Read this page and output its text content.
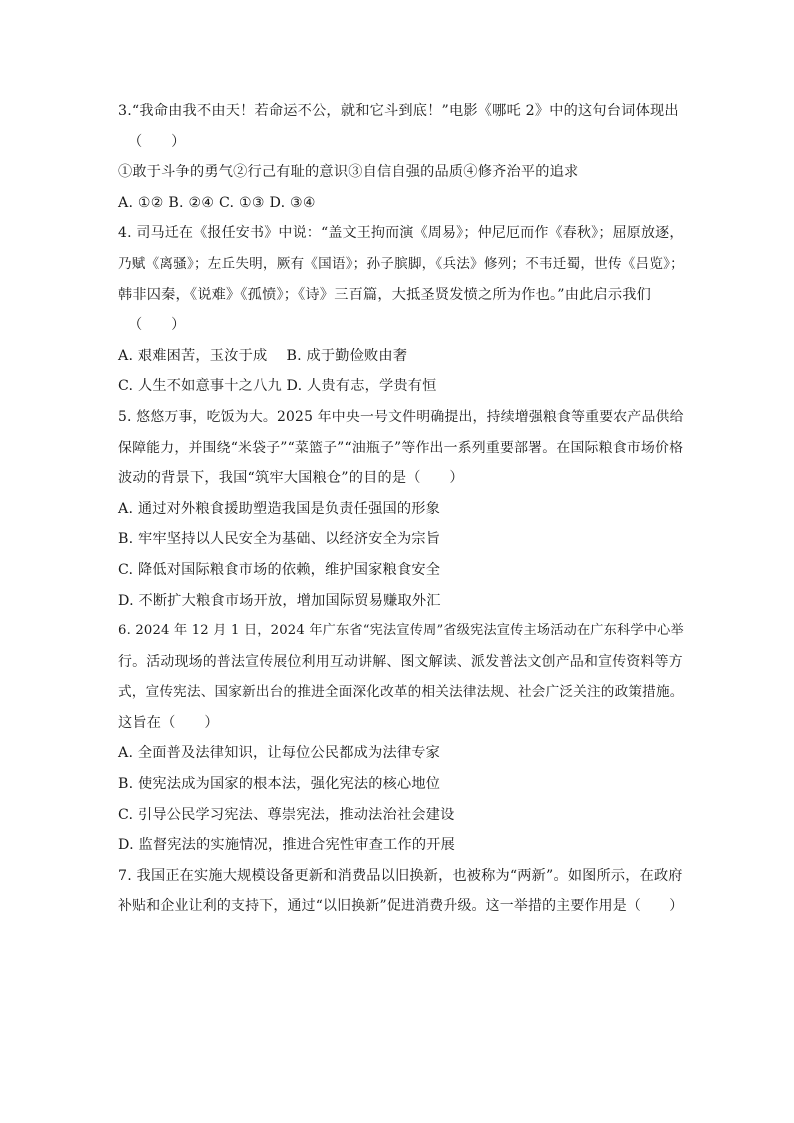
3.“我命由我不由天！若命运不公，就和它斗到底！”电影《哪吒 2》中的这句台词体现出
（　　）
①敢于斗争的勇气②行己有耻的意识③自信自强的品质④修齐治平的追求
A. ①② B. ②④ C. ①③ D. ③④
4. 司马迁在《报任安书》中说：“盖文王拘而演《周易》；仲尼厄而作《春秋》；屈原放逐，
乃赋《离骚》；左丘失明，厥有《国语》；孙子膑脚，《兵法》修列；不韦迁蜀，世传《吕览》；
韩非囚秦，《说难》《孤愤》；《诗》三百篇，大抵圣贤发愤之所为作也。”由此启示我们
（　　）
A. 艰难困苦，玉汝于成　 B. 成于勤俭败由奢
C. 人生不如意事十之八九 D. 人贵有志，学贵有恒
5. 悠悠万事，吃饭为大。2025 年中央一号文件明确提出，持续增强粮食等重要农产品供给
保障能力，并围绕“米袋子”“菜篮子”“油瓶子”等作出一系列重要部署。在国际粮食市场价格
波动的背景下，我国“筑牢大国粮仓”的目的是（　　）
A. 通过对外粮食援助塑造我国是负责任强国的形象
B. 牢牢坚持以人民安全为基础、以经济安全为宗旨
C. 降低对国际粮食市场的依赖，维护国家粮食安全
D. 不断扩大粮食市场开放，增加国际贸易赚取外汇
6. 2024 年 12 月 1 日，2024 年广东省“宪法宣传周”省级宪法宣传主场活动在广东科学中心举
行。活动现场的普法宣传展位利用互动讲解、图文解读、派发普法文创产品和宣传资料等方
式，宣传宪法、国家新出台的推进全面深化改革的相关法律法规、社会广泛关注的政策措施。
这旨在（　　）
A. 全面普及法律知识，让每位公民都成为法律专家
B. 使宪法成为国家的根本法，强化宪法的核心地位
C. 引导公民学习宪法、尊崇宪法，推动法治社会建设
D. 监督宪法的实施情况，推进合宪性审查工作的开展
7. 我国正在实施大规模设备更新和消费品以旧换新，也被称为“两新”。如图所示，在政府
补贴和企业让利的支持下，通过“以旧换新”促进消费升级。这一举措的主要作用是（　　）
